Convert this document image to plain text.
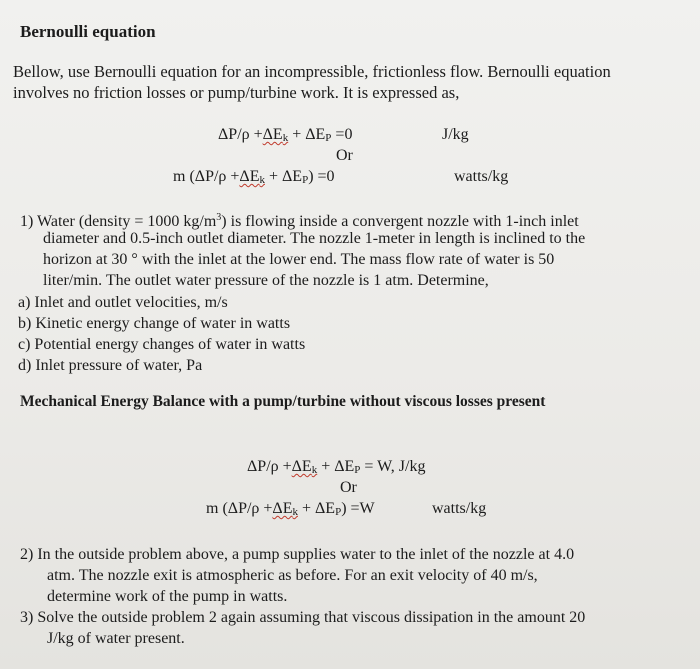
Bernoulli equation
Bellow, use Bernoulli equation for an incompressible, frictionless flow. Bernoulli equation
involves no friction losses or pump/turbine work. It is expressed as,
ΔP/ρ +ΔEk + ΔEP =0	J/kg
Or
m (ΔP/ρ +ΔEk + ΔEP) =0	watts/kg
1) Water (density = 1000 $kg/m^3$) is flowing inside a convergent nozzle with 1-inch inlet
diameter and 0.5-inch outlet diameter. The nozzle 1-meter in length is inclined to the
horizon at 30 ° with the inlet at the lower end. The mass flow rate of water is 50
liter/min. The outlet water pressure of the nozzle is 1 atm. Determine,
a) Inlet and outlet velocities, m/s
b) Kinetic energy change of water in watts
c) Potential energy changes of water in watts
d) Inlet pressure of water, Pa
Mechanical Energy Balance with a pump/turbine without viscous losses present
ΔP/ρ +ΔEk + ΔEP = W, J/kg
Or
m (ΔP/ρ +ΔEk + ΔEP) =W	watts/kg
2) In the outside problem above, a pump supplies water to the inlet of the nozzle at 4.0
atm. The nozzle exit is atmospheric as before. For an exit velocity of 40 m/s,
determine work of the pump in watts.
3) Solve the outside problem 2 again assuming that viscous dissipation in the amount 20
J/kg of water present.
